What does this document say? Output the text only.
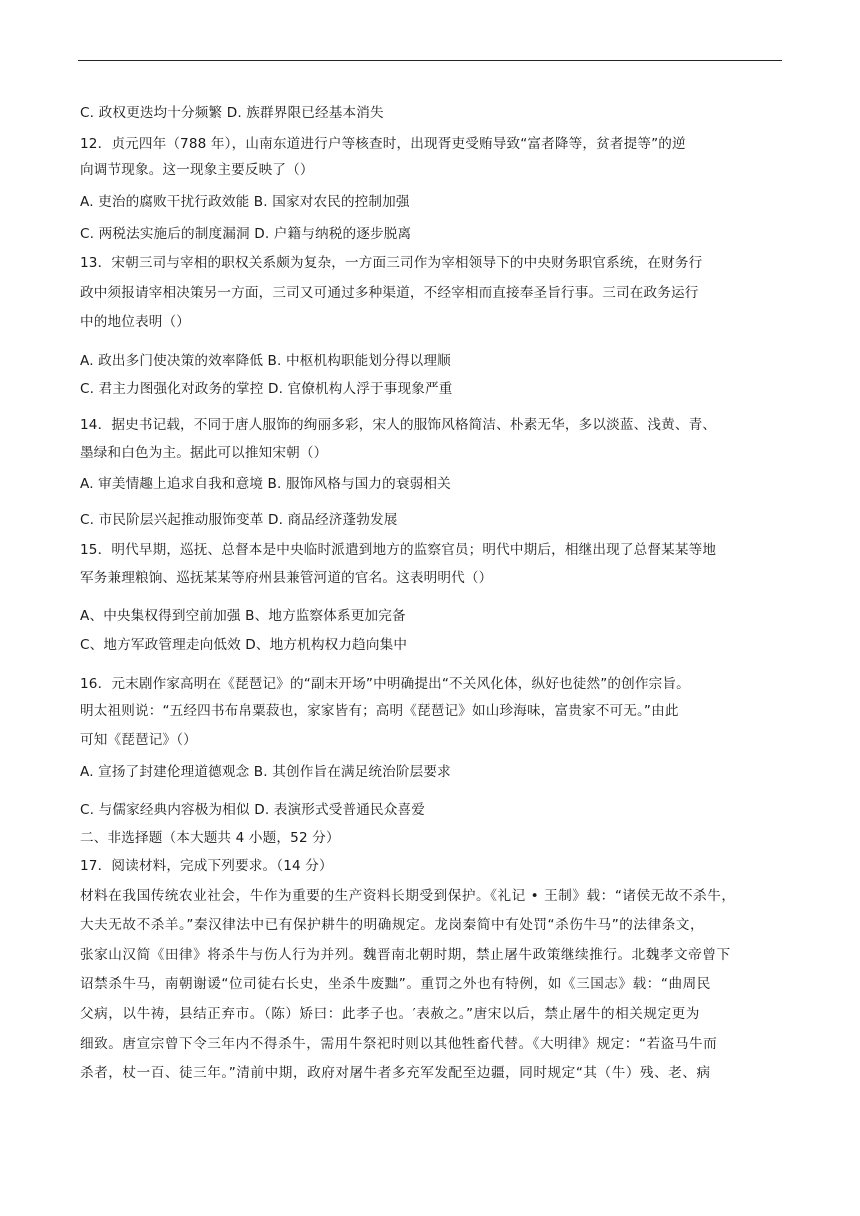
C. 政权更迭均十分频繁 D. 族群界限已经基本消失
12．贞元四年（788 年），山南东道进行户等核查时，出现胥吏受贿导致“富者降等，贫者提等”的逆
向调节现象。这一现象主要反映了（）
A. 吏治的腐败干扰行政效能 B. 国家对农民的控制加强
C. 两税法实施后的制度漏洞 D. 户籍与纳税的逐步脱离
13．宋朝三司与宰相的职权关系颇为复杂，一方面三司作为宰相领导下的中央财务职官系统，在财务行
政中须报请宰相决策另一方面，三司又可通过多种渠道，不经宰相而直接奉圣旨行事。三司在政务运行
中的地位表明（）
A. 政出多门使决策的效率降低 B. 中枢机构职能划分得以理顺
C. 君主力图强化对政务的掌控 D. 官僚机构人浮于事现象严重
14．据史书记载，不同于唐人服饰的绚丽多彩，宋人的服饰风格简洁、朴素无华，多以淡蓝、浅黄、青、
墨绿和白色为主。据此可以推知宋朝（）
A. 审美情趣上追求自我和意境 B. 服饰风格与国力的衰弱相关
C. 市民阶层兴起推动服饰变革 D. 商品经济蓬勃发展
15．明代早期，巡抚、总督本是中央临时派遣到地方的监察官员；明代中期后，相继出现了总督某某等地
军务兼理粮饷、巡抚某某等府州县兼管河道的官名。这表明明代（）
A、中央集权得到空前加强 B、地方监察体系更加完备
C、地方军政管理走向低效 D、地方机构权力趋向集中
16．元末剧作家高明在《琵琶记》的“副末开场”中明确提出“不关风化体，纵好也徒然”的创作宗旨。
明太祖则说：“五经四书布帛粟菽也，家家皆有；高明《琵琶记》如山珍海味，富贵家不可无。”由此
可知《琵琶记》（）
A. 宣扬了封建伦理道德观念 B. 其创作旨在满足统治阶层要求
C. 与儒家经典内容极为相似 D. 表演形式受普通民众喜爱
二、非选择题（本大题共 4 小题，52 分）
17．阅读材料，完成下列要求。（14 分）
材料在我国传统农业社会，牛作为重要的生产资料长期受到保护。《礼记 • 王制》载：“诸侯无故不杀牛，
大夫无故不杀羊。”秦汉律法中已有保护耕牛的明确规定。龙岗秦简中有处罚“杀伤牛马”的法律条文，
张家山汉简《田律》将杀牛与伤人行为并列。魏晋南北朝时期，禁止屠牛政策继续推行。北魏孝文帝曾下
诏禁杀牛马，南朝谢谖“位司徒右长史，坐杀牛废黜”。重罚之外也有特例，如《三国志》载：“曲周民
父病，以牛祷，县结正弃市。（陈）矫曰：此孝子也。′表赦之。”唐宋以后，禁止屠牛的相关规定更为
细致。唐宣宗曾下令三年内不得杀牛，需用牛祭祀时则以其他牲畜代替。《大明律》规定：“若盗马牛而
杀者，杖一百、徒三年。”清前中期，政府对屠牛者多充军发配至边疆，同时规定“其（牛）残、老、病
